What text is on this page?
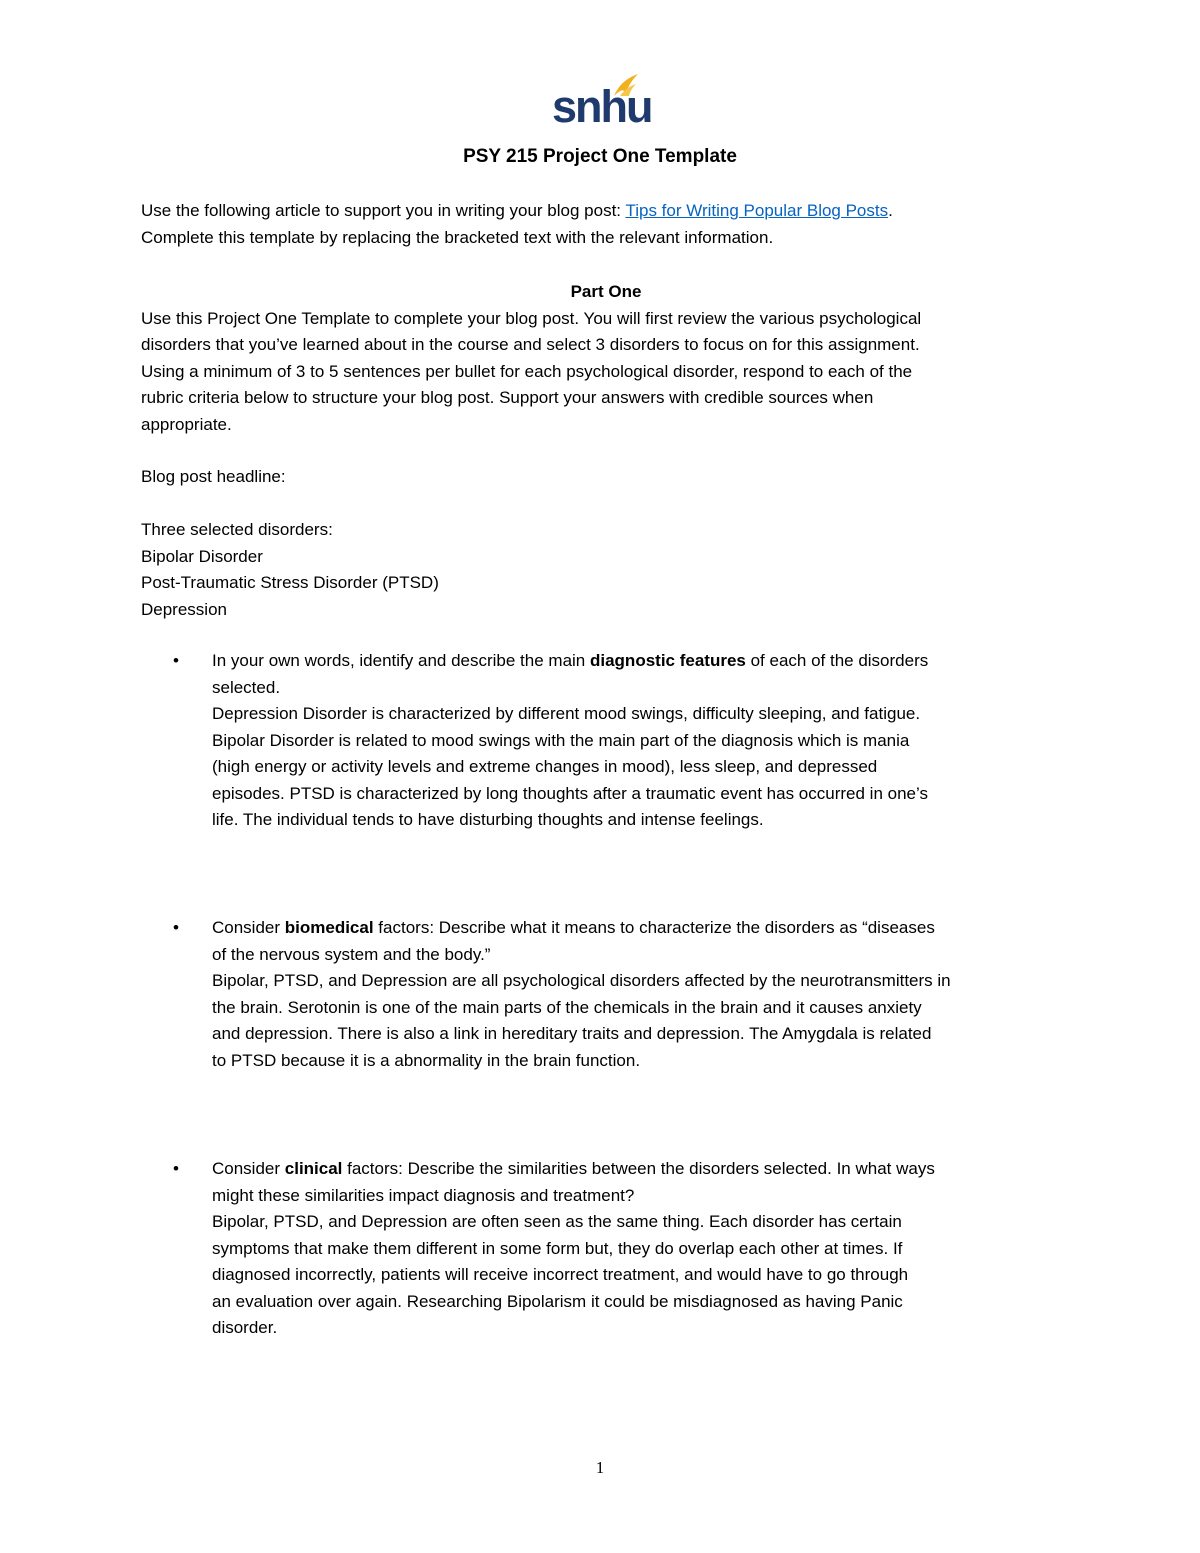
snhu
PSY 215 Project One Template
Use the following article to support you in writing your blog post: Tips for Writing Popular Blog Posts.
Complete this template by replacing the bracketed text with the relevant information.
Part One
Use this Project One Template to complete your blog post. You will first review the various psychological
disorders that you’ve learned about in the course and select 3 disorders to focus on for this assignment.
Using a minimum of 3 to 5 sentences per bullet for each psychological disorder, respond to each of the
rubric criteria below to structure your blog post. Support your answers with credible sources when
appropriate.
Blog post headline:
Three selected disorders:
Bipolar Disorder
Post-Traumatic Stress Disorder (PTSD)
Depression
• In your own words, identify and describe the main diagnostic features of each of the disorders
selected.
Depression Disorder is characterized by different mood swings, difficulty sleeping, and fatigue.
Bipolar Disorder is related to mood swings with the main part of the diagnosis which is mania
(high energy or activity levels and extreme changes in mood), less sleep, and depressed
episodes. PTSD is characterized by long thoughts after a traumatic event has occurred in one’s
life. The individual tends to have disturbing thoughts and intense feelings.
• Consider biomedical factors: Describe what it means to characterize the disorders as “diseases
of the nervous system and the body.”
Bipolar, PTSD, and Depression are all psychological disorders affected by the neurotransmitters in
the brain. Serotonin is one of the main parts of the chemicals in the brain and it causes anxiety
and depression. There is also a link in hereditary traits and depression. The Amygdala is related
to PTSD because it is a abnormality in the brain function.
• Consider clinical factors: Describe the similarities between the disorders selected. In what ways
might these similarities impact diagnosis and treatment?
Bipolar, PTSD, and Depression are often seen as the same thing. Each disorder has certain
symptoms that make them different in some form but, they do overlap each other at times. If
diagnosed incorrectly, patients will receive incorrect treatment, and would have to go through
an evaluation over again. Researching Bipolarism it could be misdiagnosed as having Panic
disorder.
1
